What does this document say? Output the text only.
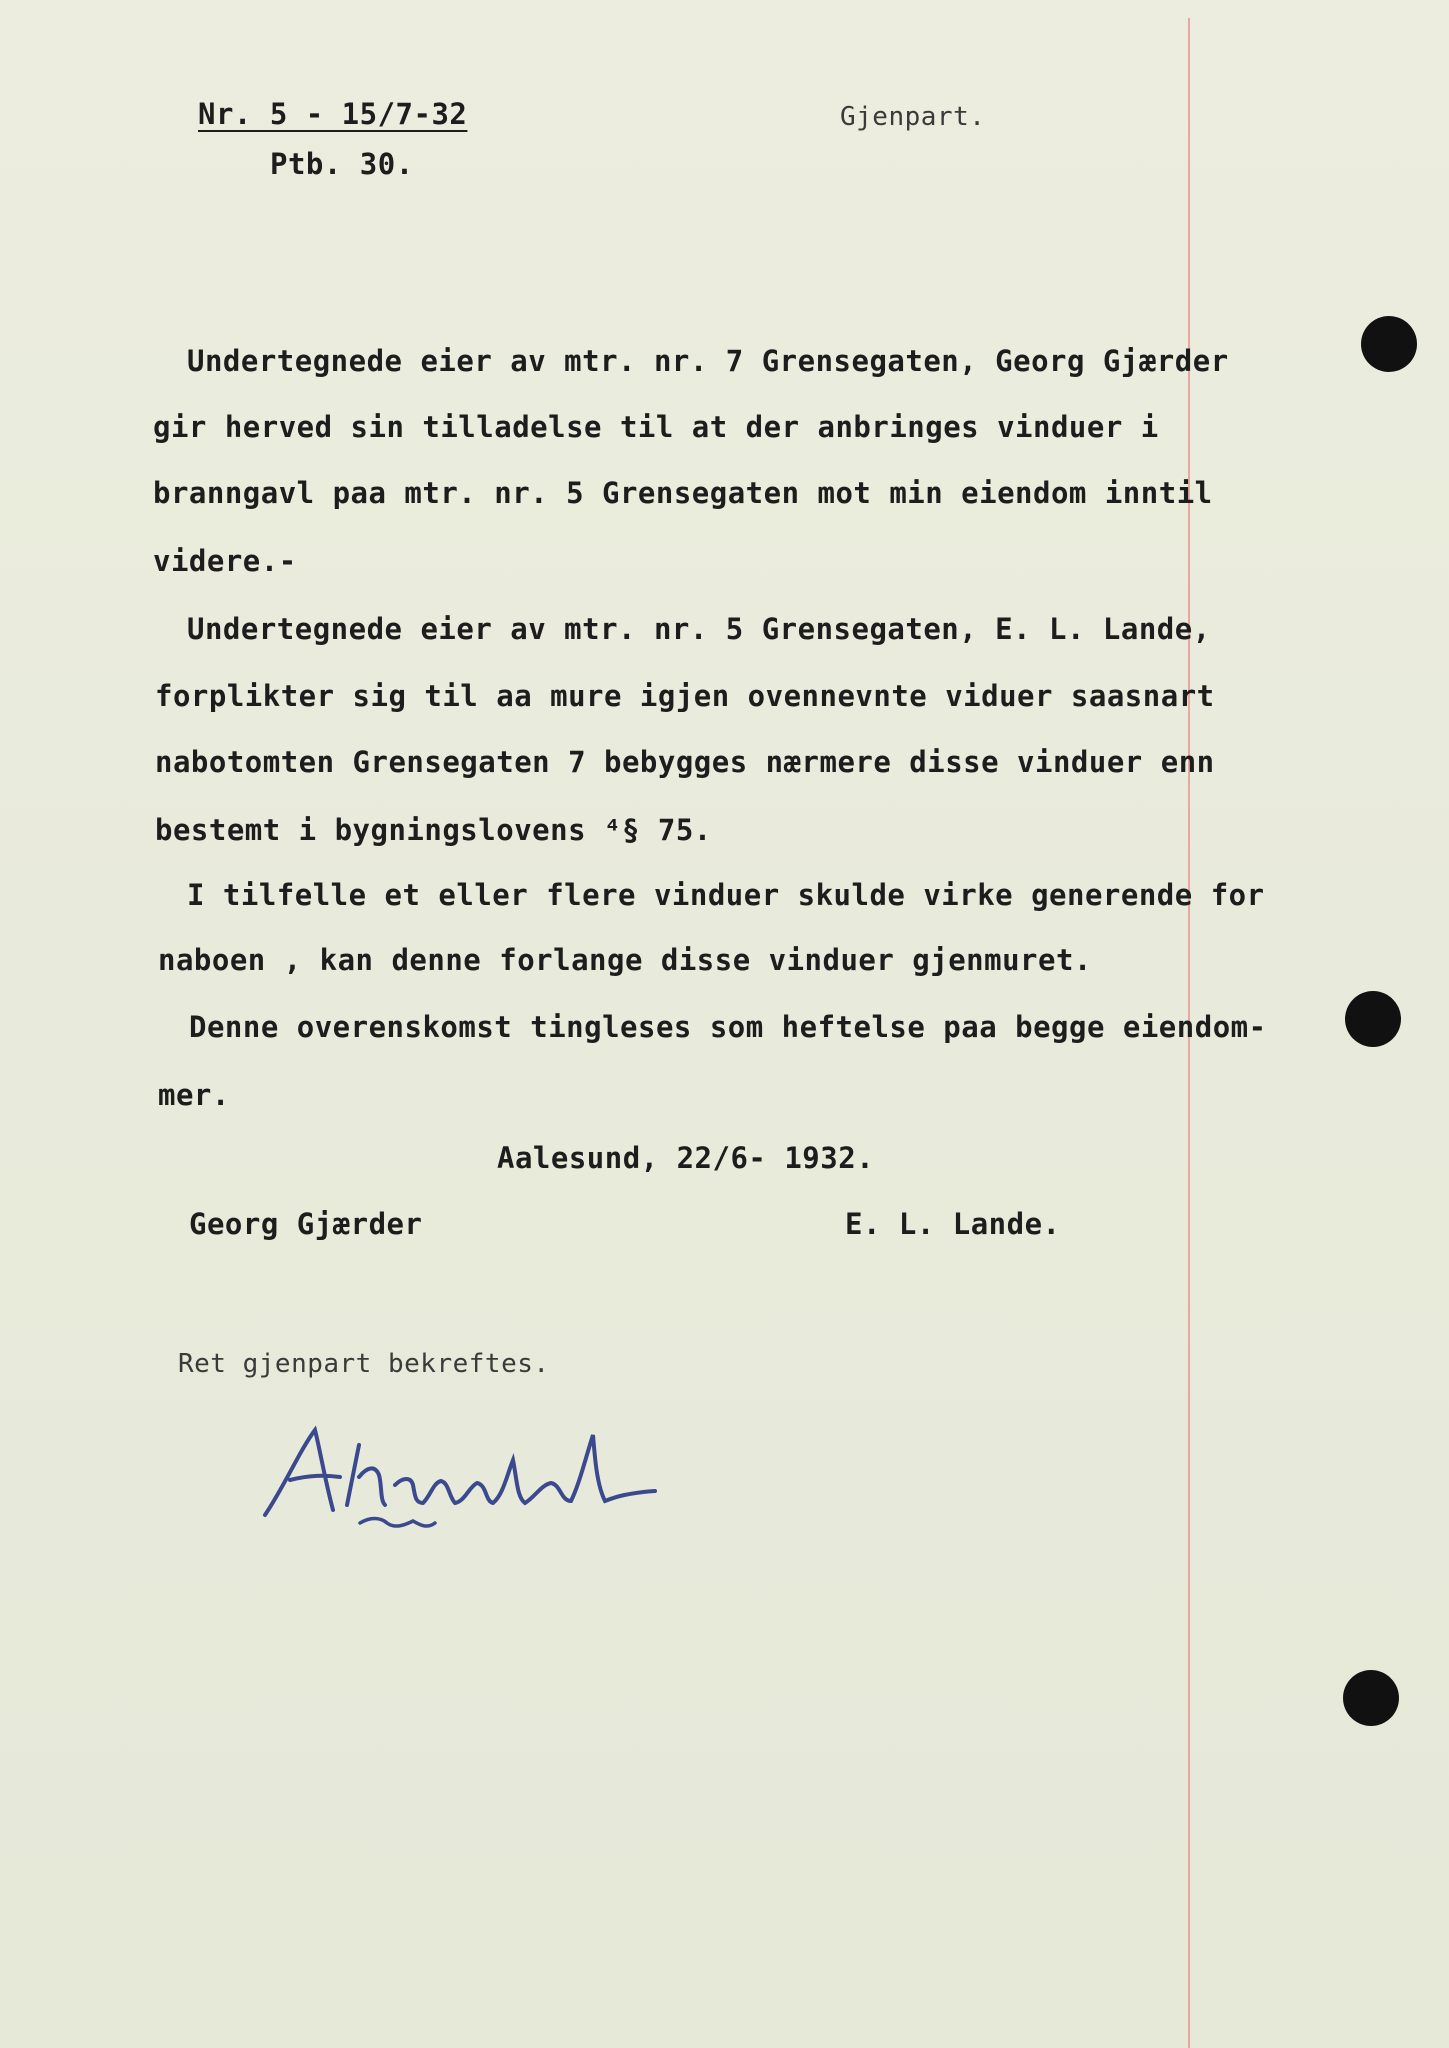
Nr. 5 - 15/7-32
Ptb. 30.
Gjenpart.
Undertegnede eier av mtr. nr. 7 Grensegaten, Georg Gjærder
gir herved sin tilladelse til at der anbringes vinduer i
branngavl paa mtr. nr. 5 Grensegaten mot min eiendom inntil
videre.-
Undertegnede eier av mtr. nr. 5 Grensegaten, E. L. Lande,
forplikter sig til aa mure igjen ovennevnte viduer saasnart
nabotomten Grensegaten 7 bebygges nærmere disse vinduer enn
bestemt i bygningslovens ⁴§ 75.
I tilfelle et eller flere vinduer skulde virke generende for
naboen , kan denne forlange disse vinduer gjenmuret.
Denne overenskomst tingleses som heftelse paa begge eiendom-
mer.
Aalesund, 22/6- 1932.
Georg Gjærder	E. L. Lande.
Ret gjenpart bekreftes.
